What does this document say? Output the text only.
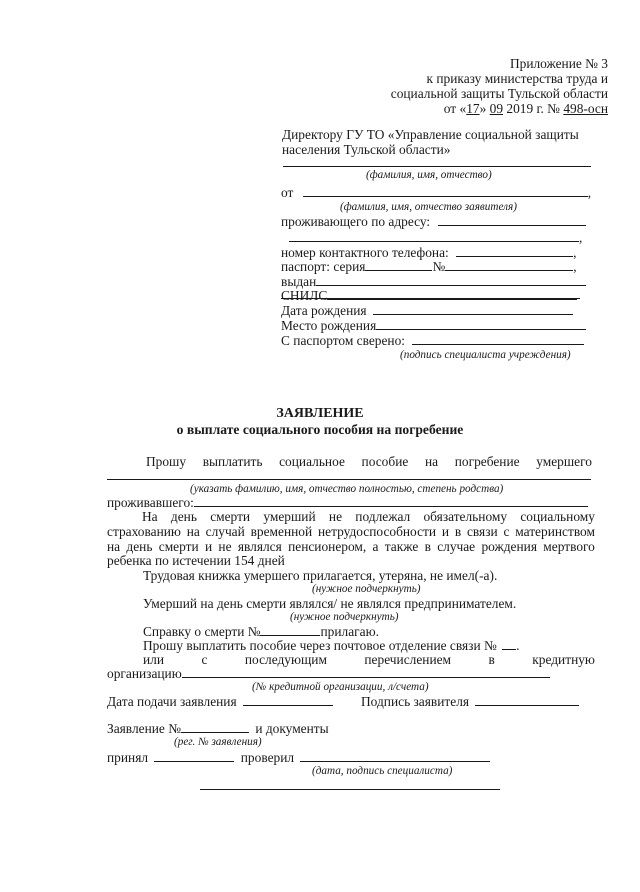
Приложение № 3
к приказу министерства труда и
социальной защиты Тульской области
от «17» 09 2019 г. № 498-осн
Директору ГУ ТО «Управление социальной защиты
населения Тульской области»
(фамилия, имя, отчество)
от	,
(фамилия, имя, отчество заявителя)
проживающего по адресу:
,
номер контактного телефона:	,
паспорт: серия	№	,
выдан
СНИЛС
Дата рождения
Место рождения
С паспортом сверено:
(подпись специалиста учреждения)
ЗАЯВЛЕНИЕ
о выплате социального пособия на погребение
Прошу выплатить социальное пособие на погребение умершего
(указать фамилию, имя, отчество полностью, степень родства)
проживавшего:
На день смерти умерший не подлежал обязательному социальному
страхованию на случай временной нетрудоспособности и в связи с материнством
на день смерти и не являлся пенсионером, а также в случае рождения мертвого
ребенка по истечении 154 дней
Трудовая книжка умершего прилагается, утеряна, не имел(-а).
(нужное подчеркнуть)
Умерший на день смерти являлся/ не являлся предпринимателем.
(нужное подчеркнуть)
Справку о смерти №	прилагаю.
Прошу выплатить пособие через почтовое отделение связи № .
или	с	последующим	перечислением	в	кредитную
организацию
(№ кредитной организации, л/счета)
Дата подачи заявления	Подпись заявителя
Заявление №	и документы
(рег. № заявления)
принял	проверил
(дата, подпись специалиста)
